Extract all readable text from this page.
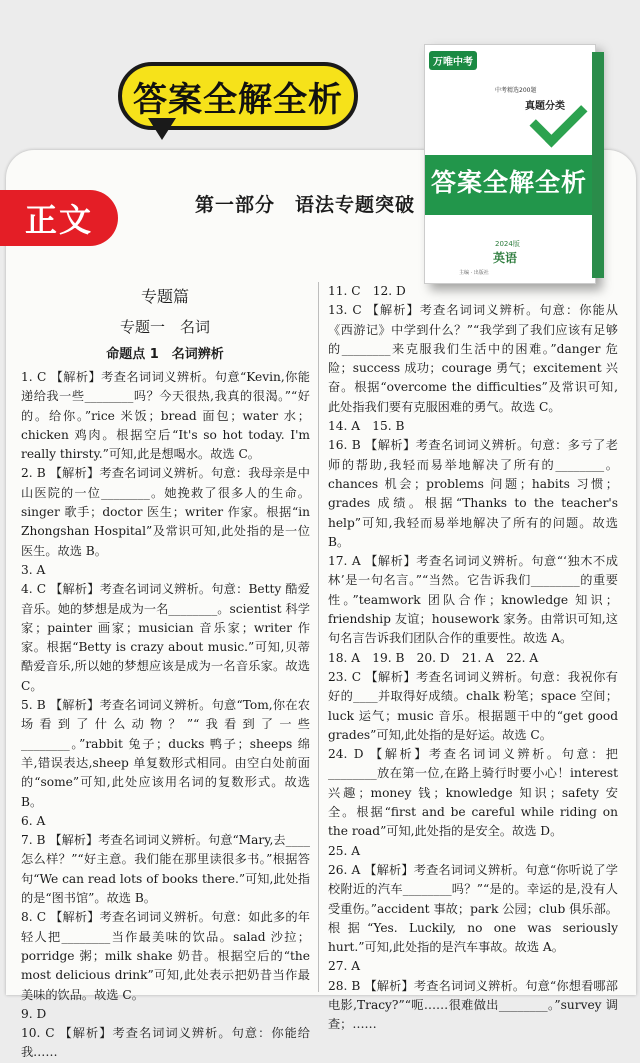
答案全解全析
第一部分　语法专题突破
正文
万唯中考
中考精选200题
真题分类
答案全解全析
2024版
英语
主编 · 出版社
专题篇
专题一　名词
命题点 1　名词辨析

1. C 【解析】考查名词词义辨析。句意“Kevin,你能递给我一些________吗？今天很热,我真的很渴。”“好的。给你。”rice 米饭；bread 面包；water 水；chicken 鸡肉。根据空后“It's so hot today. I'm really thirsty.”可知,此是想喝水。故选 C。

2. B 【解析】考查名词词义辨析。句意：我母亲是中山医院的一位________。她挽救了很多人的生命。singer 歌手；doctor 医生；writer 作家。根据“in Zhongshan Hospital”及常识可知,此处指的是一位医生。故选 B。

3. A

4. C 【解析】考查名词词义辨析。句意：Betty 酷爱音乐。她的梦想是成为一名________。scientist 科学家；painter 画家；musician 音乐家；writer 作家。根据“Betty is crazy about music.”可知,贝蒂酷爱音乐,所以她的梦想应该是成为一名音乐家。故选 C。

5. B 【解析】考查名词词义辨析。句意“Tom,你在农场看到了什么动物？”“我看到了一些________。”rabbit 兔子；ducks 鸭子；sheeps 绵羊,错误表达,sheep 单复数形式相同。由空白处前面的“some”可知,此处应该用名词的复数形式。故选 B。

6. A

7. B 【解析】考查名词词义辨析。句意“Mary,去____怎么样？”“好主意。我们能在那里读很多书。”根据答句“We can read lots of books there.”可知,此处指的是“图书馆”。故选 B。

8. C 【解析】考查名词词义辨析。句意：如此多的年轻人把________当作最美味的饮品。salad 沙拉；porridge 粥；milk shake 奶昔。根据空后的“the most delicious drink”可知,此处表示把奶昔当作最美味的饮品。故选 C。

9. D

10. C 【解析】考查名词词义辨析。句意：你能给我……

11. C　12. D

13. C 【解析】考查名词词义辨析。句意：你能从《西游记》中学到什么？”“我学到了我们应该有足够的________来克服我们生活中的困难。”danger 危险；success 成功；courage 勇气；excitement 兴奋。根据“overcome the difficulties”及常识可知,此处指我们要有克服困难的勇气。故选 C。

14. A　15. B

16. B 【解析】考查名词词义辨析。句意：多亏了老师的帮助,我轻而易举地解决了所有的________。chances 机会；problems 问题；habits 习惯；grades 成绩。根据“Thanks to the teacher's help”可知,我轻而易举地解决了所有的问题。故选 B。

17. A 【解析】考查名词词义辨析。句意“‘独木不成林’是一句名言。”“当然。它告诉我们________的重要性。”teamwork 团队合作；knowledge 知识；friendship 友谊；housework 家务。由常识可知,这句名言告诉我们团队合作的重要性。故选 A。

18. A　19. B　20. D　21. A　22. A

23. C 【解析】考查名词词义辨析。句意：我祝你有好的____并取得好成绩。chalk 粉笔；space 空间；luck 运气；music 音乐。根据题干中的“get good grades”可知,此处指的是好运。故选 C。

24. D 【解析】考查名词词义辨析。句意：把________放在第一位,在路上骑行时要小心！interest 兴趣；money 钱；knowledge 知识；safety 安全。根据“first and be careful while riding on the road”可知,此处指的是安全。故选 D。

25. A

26. A 【解析】考查名词词义辨析。句意“你听说了学校附近的汽车________吗？”“是的。幸运的是,没有人受重伤。”accident 事故；park 公园；club 俱乐部。根据“Yes. Luckily, no one was seriously hurt.”可知,此处指的是汽车事故。故选 A。

27. A

28. B 【解析】考查名词词义辨析。句意“你想看哪部电影,Tracy?”“呃……很难做出________。”survey 调查；……
